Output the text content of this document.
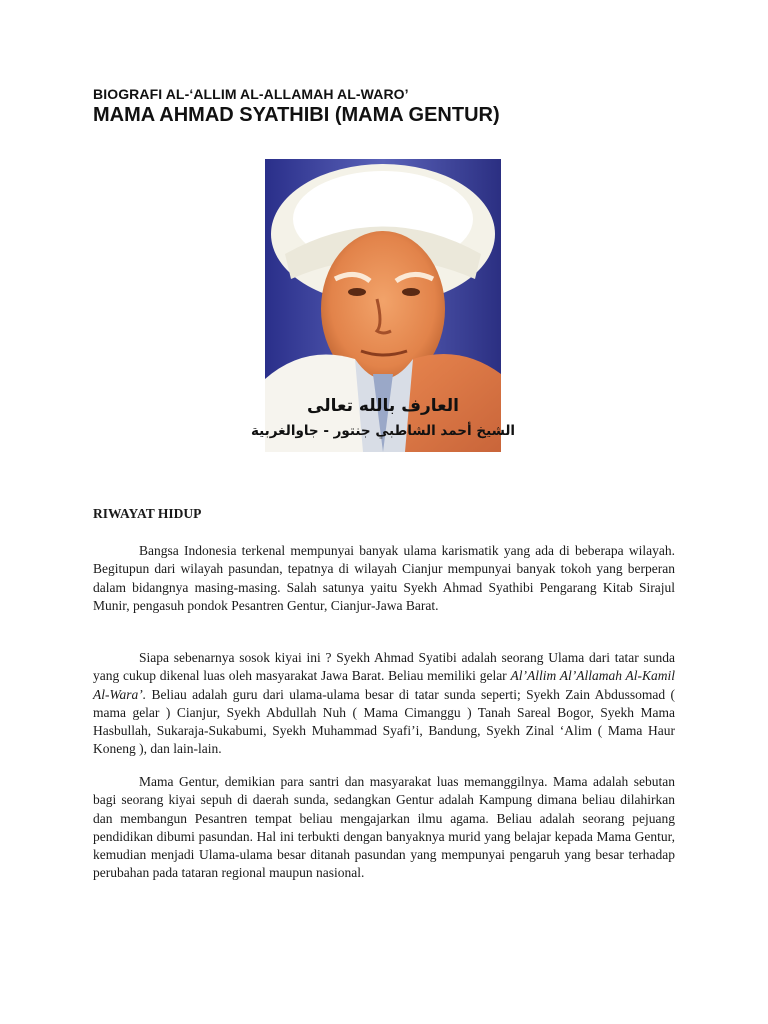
BIOGRAFI AL-‘ALLIM AL-ALLAMAH AL-WARO’

MAMA AHMAD SYATHIBI (MAMA GENTUR)
العارف بالله تعالى
الشيخ أحمد الشاطبي جنتور - جاوالغربية
RIWAYAT HIDUP

Bangsa Indonesia terkenal mempunyai banyak ulama karismatik yang ada di beberapa wilayah. Begitupun dari wilayah pasundan, tepatnya di wilayah Cianjur mempunyai banyak tokoh yang berperan dalam bidangnya masing-masing. Salah satunya yaitu Syekh Ahmad Syathibi Pengarang Kitab Sirajul Munir, pengasuh pondok Pesantren Gentur, Cianjur-Jawa Barat.

Siapa sebenarnya sosok kiyai ini ? Syekh Ahmad Syatibi adalah seorang Ulama dari tatar sunda yang cukup dikenal luas oleh masyarakat Jawa Barat. Beliau memiliki gelar Al’Allim Al’Allamah Al-Kamil Al-Wara’. Beliau adalah guru dari ulama-ulama besar di tatar sunda seperti; Syekh Zain Abdussomad ( mama gelar ) Cianjur, Syekh Abdullah Nuh ( Mama Cimanggu ) Tanah Sareal Bogor, Syekh Mama Hasbullah, Sukaraja-Sukabumi, Syekh Muhammad Syafi’i, Bandung, Syekh Zinal ‘Alim ( Mama Haur Koneng ), dan lain-lain.

Mama Gentur, demikian para santri dan masyarakat luas memanggilnya. Mama adalah sebutan bagi seorang kiyai sepuh di daerah sunda, sedangkan Gentur adalah Kampung dimana beliau dilahirkan dan membangun Pesantren tempat beliau mengajarkan ilmu agama. Beliau adalah seorang pejuang pendidikan dibumi pasundan. Hal ini terbukti dengan banyaknya murid yang belajar kepada Mama Gentur, kemudian menjadi Ulama-ulama besar ditanah pasundan yang mempunyai pengaruh yang besar terhadap perubahan pada tataran regional maupun nasional.
